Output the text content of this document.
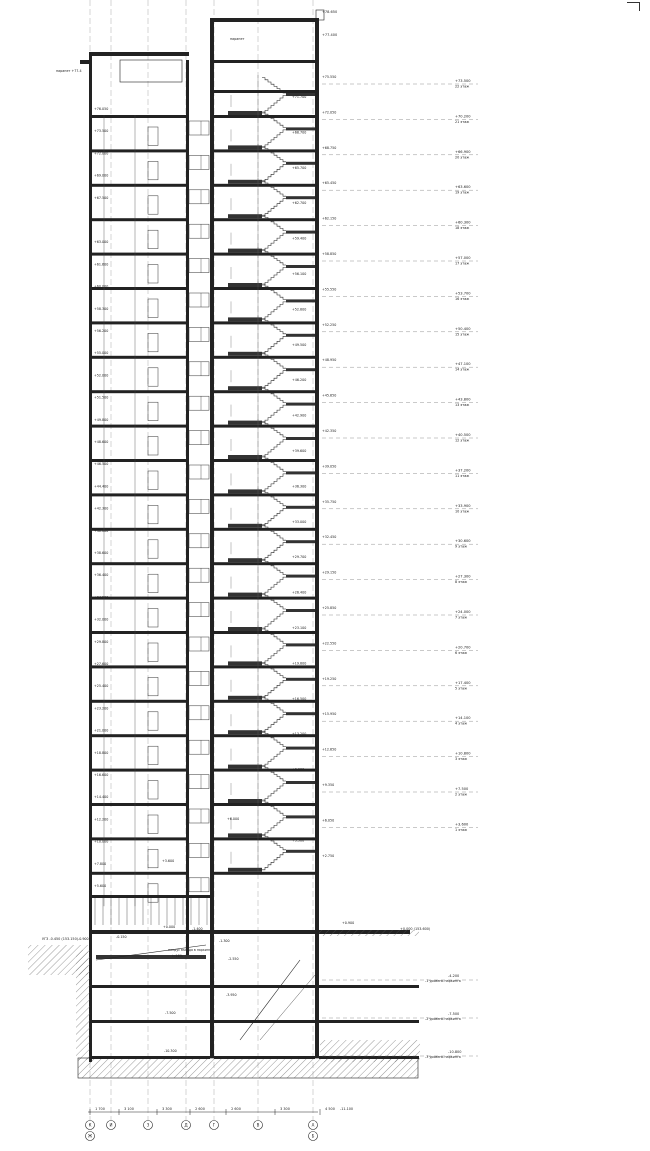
+78.650
+77.400
парапет
парапет +77.4
+73.500
22 этаж
+70.200
21 этаж
+66.900
20 этаж
+63.600
19 этаж
+60.300
18 этаж
+57.000
17 этаж
+53.700
16 этаж
+50.400
15 этаж
+47.100
14 этаж
+43.800
13 этаж
+40.500
12 этаж
+37.200
11 этаж
+33.900
10 этаж
+30.600
9 этаж
+27.300
8 этаж
+24.000
7 этаж
+20.700
6 этаж
+17.400
5 этаж
+14.100
4 этаж
+10.800
3 этаж
+7.500
2 этаж
+3.600
1 этаж
+76.050
+73.500
+72.000
+69.000
+67.500
+65.250
+63.000
+61.600
+60.000
+58.300
+56.200
+55.000
+52.000
+51.500
+49.800
+48.600
+46.500
+44.400
+42.300
+40.000
+38.600
+36.400
+34.200
+32.000
+29.800
+27.600
+25.400
+23.200
+21.000
+18.800
+16.600
+14.400
+12.200
+10.000
+7.800
+5.600
+71.700
+68.700
+65.700
+62.700
+59.400
+56.100
+52.800
+49.500
+46.200
+42.900
+39.600
+36.300
+33.000
+29.700
+26.400
+23.100
+19.800
+16.500
+13.200
+9.900
+6.600
+3.300
+75.550
+72.050
+68.750
+65.450
+62.150
+58.850
+55.550
+52.250
+48.950
+45.650
+42.350
+39.050
+35.750
+32.450
+29.150
+25.850
+22.550
+19.250
+15.950
+12.650
+9.350
+6.050
+2.750
+6.000
+3.600
+0.000
-1.300
-1.400
-2.550
-3.950
-7.500
-10.300
-4.200
-1 уровень паркинга
-7.500
-2 уровень паркинга
-10.800
-3 уровень паркинга
УГЗ -0.450 (153.150)
+0.000 (153.600)
-0.900	-0.150
+0.900
пандус въезда в паркинг
i=18%
-11.100
1 700	3 100	3 300	2 600	2 600	3 300	4 500
К
Ж
И	З	Д	Г	В	А
Б
